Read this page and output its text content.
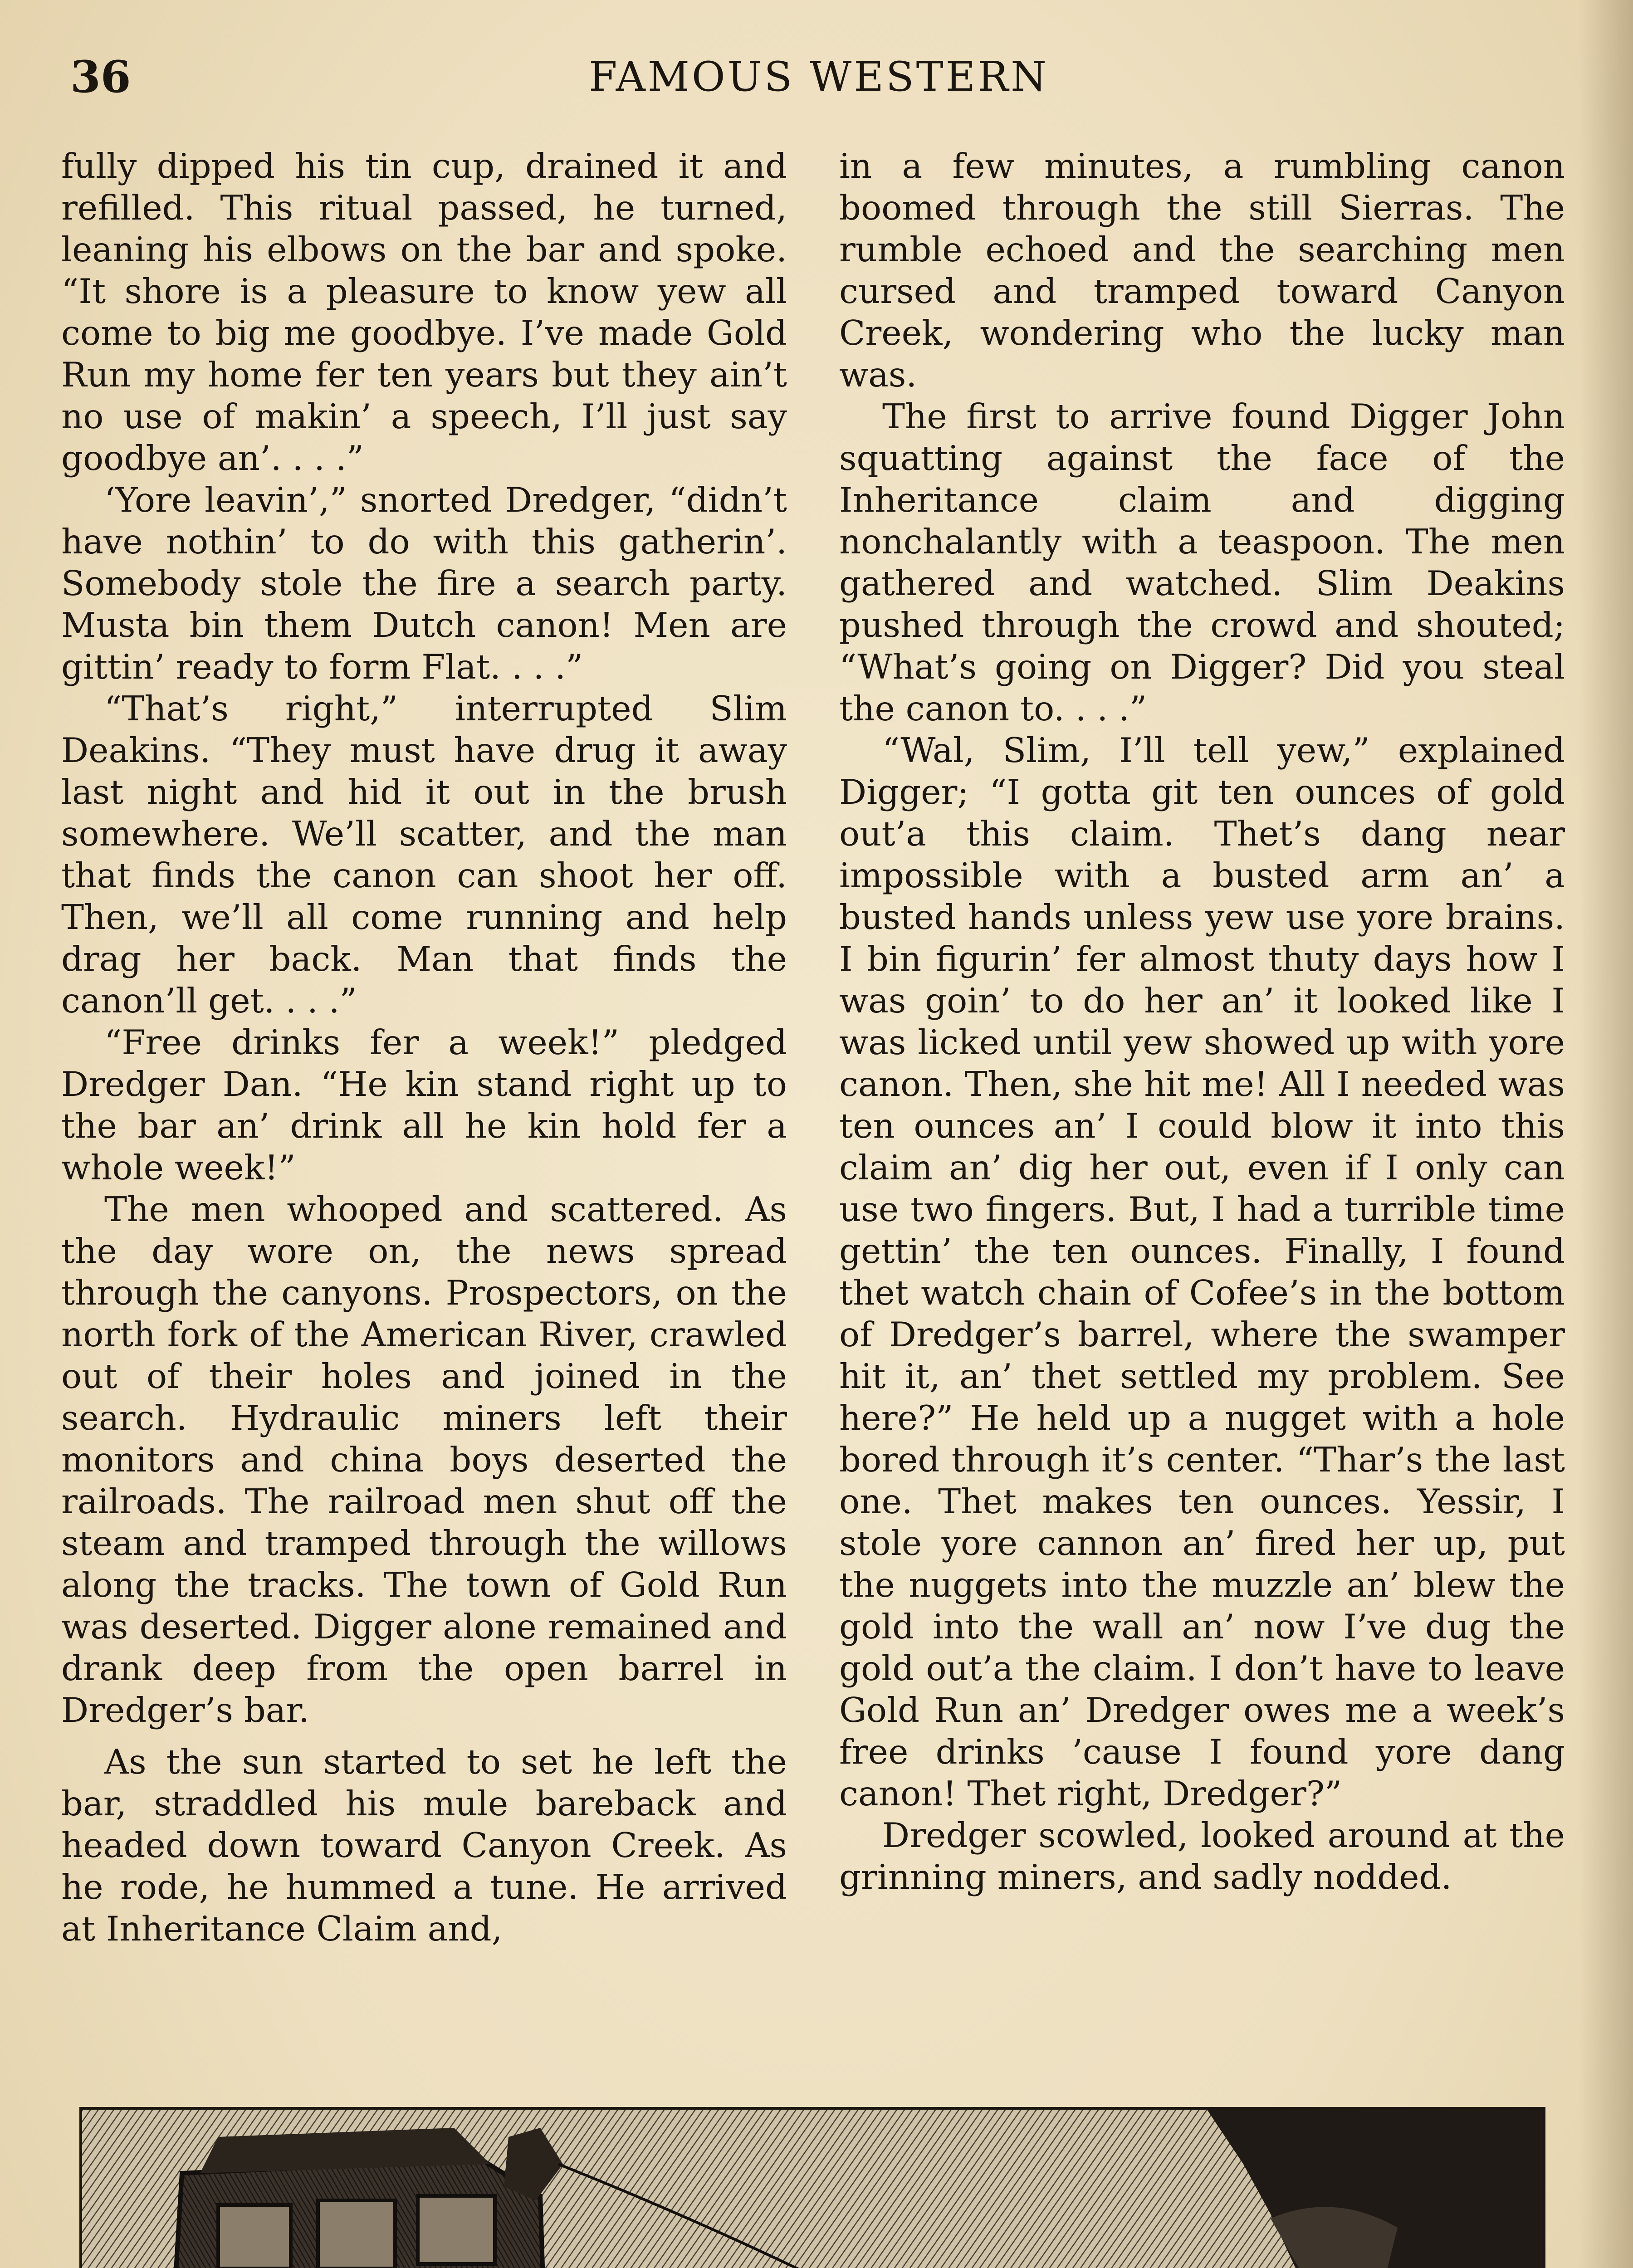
36	FAMOUS WESTERN

fully dipped his tin cup, drained it and refilled. This ritual passed, he turned, leaning his elbows on the bar and spoke. “It shore is a pleasure to know yew all come to big me goodbye. I’ve made Gold Run my home fer ten years but they ain’t no use of makin’ a speech, I’ll just say goodbye an’. . . .”

‘Yore leavin’,” snorted Dredger, “didn’t have nothin’ to do with this gatherin’. Somebody stole the fire a search party. Musta bin them Dutch canon! Men are gittin’ ready to form Flat. . . .”

“That’s right,” interrupted Slim Deakins. “They must have drug it away last night and hid it out in the brush somewhere. We’ll scatter, and the man that finds the canon can shoot her off. Then, we’ll all come running and help drag her back. Man that finds the canon’ll get. . . .”

“Free drinks fer a week!” pledged Dredger Dan. “He kin stand right up to the bar an’ drink all he kin hold fer a whole week!”

The men whooped and scattered. As the day wore on, the news spread through the canyons. Prospectors, on the north fork of the American River, crawled out of their holes and joined in the search. Hydraulic miners left their monitors and china boys deserted the railroads. The railroad men shut off the steam and tramped through the willows along the tracks. The town of Gold Run was deserted. Digger alone remained and drank deep from the open barrel in Dredger’s bar.

As the sun started to set he left the bar, straddled his mule bareback and headed down toward Canyon Creek. As he rode, he hummed a tune. He arrived at Inheritance Claim and,

in a few minutes, a rumbling canon boomed through the still Sierras. The rumble echoed and the searching men cursed and tramped toward Canyon Creek, wondering who the lucky man was.

The first to arrive found Digger John squatting against the face of the Inheritance claim and digging nonchalantly with a teaspoon. The men gathered and watched. Slim Deakins pushed through the crowd and shouted; “What’s going on Digger? Did you steal the canon to. . . .”

“Wal, Slim, I’ll tell yew,” explained Digger; “I gotta git ten ounces of gold out’a this claim. Thet’s dang near impossible with a busted arm an’ a busted hands unless yew use yore brains. I bin figurin’ fer almost thuty days how I was goin’ to do her an’ it looked like I was licked until yew showed up with yore canon. Then, she hit me! All I needed was ten ounces an’ I could blow it into this claim an’ dig her out, even if I only can use two fingers. But, I had a turrible time gettin’ the ten ounces. Finally, I found thet watch chain of Cofee’s in the bottom of Dredger’s barrel, where the swamper hit it, an’ thet settled my problem. See here?” He held up a nugget with a hole bored through it’s center. “Thar’s the last one. Thet makes ten ounces. Yessir, I stole yore cannon an’ fired her up, put the nuggets into the muzzle an’ blew the gold into the wall an’ now I’ve dug the gold out’a the claim. I don’t have to leave Gold Run an’ Dredger owes me a week’s free drinks ’cause I found yore dang canon! Thet right, Dredger?”

Dredger scowled, looked around at the grinning miners, and sadly nodded.
